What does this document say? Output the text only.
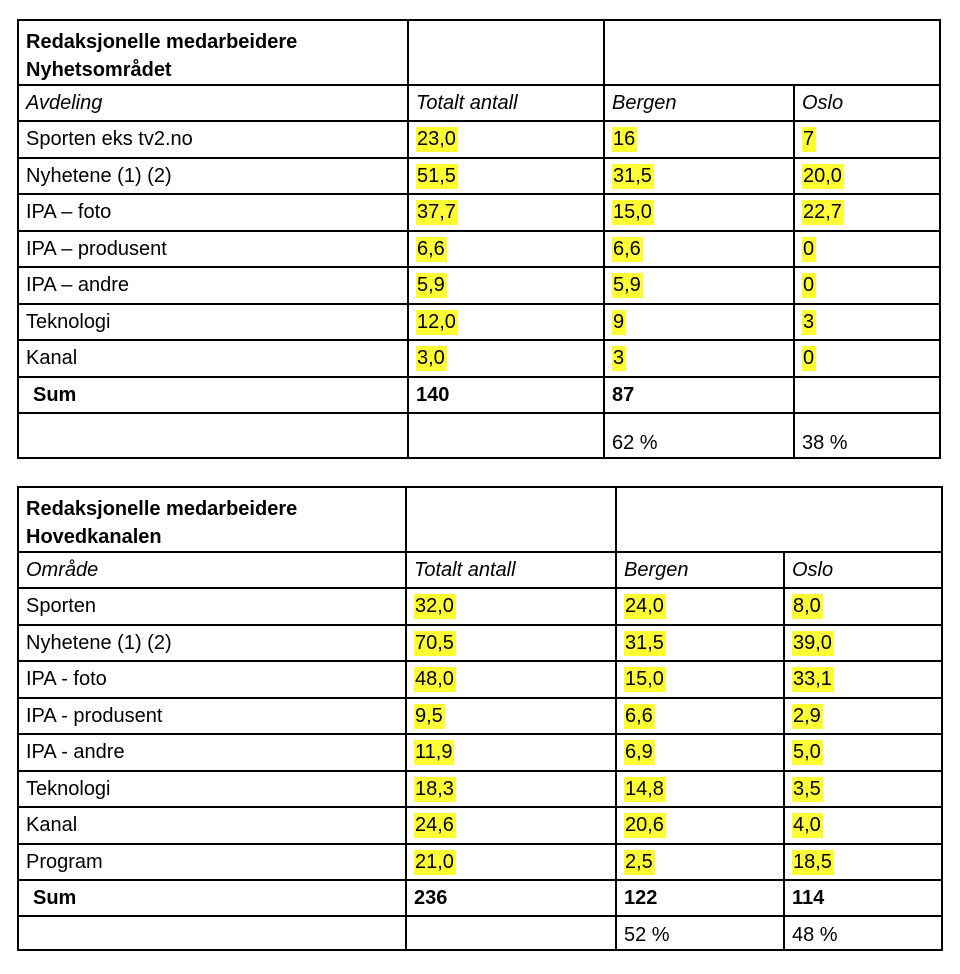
Redaksjonelle medarbeidere
Nyhetsområdet			

Avdeling	Totalt antall	Bergen	Oslo
Sporten eks tv2.no	23,0	16	7
Nyhetene (1) (2)	51,5	31,5	20,0
IPA – foto	37,7	15,0	22,7
IPA – produsent	6,6	6,6	0
IPA – andre	5,9	5,9	0
Teknologi	12,0	9	3
Kanal	3,0	3	0
Sum	140	87	
		62 %	38 %
Redaksjonelle medarbeidere
Hovedkanalen			

Område	Totalt antall	Bergen	Oslo
Sporten	32,0	24,0	8,0
Nyhetene (1) (2)	70,5	31,5	39,0
IPA - foto	48,0	15,0	33,1
IPA - produsent	9,5	6,6	2,9
IPA - andre	11,9	6,9	5,0
Teknologi	18,3	14,8	3,5
Kanal	24,6	20,6	4,0
Program	21,0	2,5	18,5
Sum	236	122	114
		52 %	48 %
